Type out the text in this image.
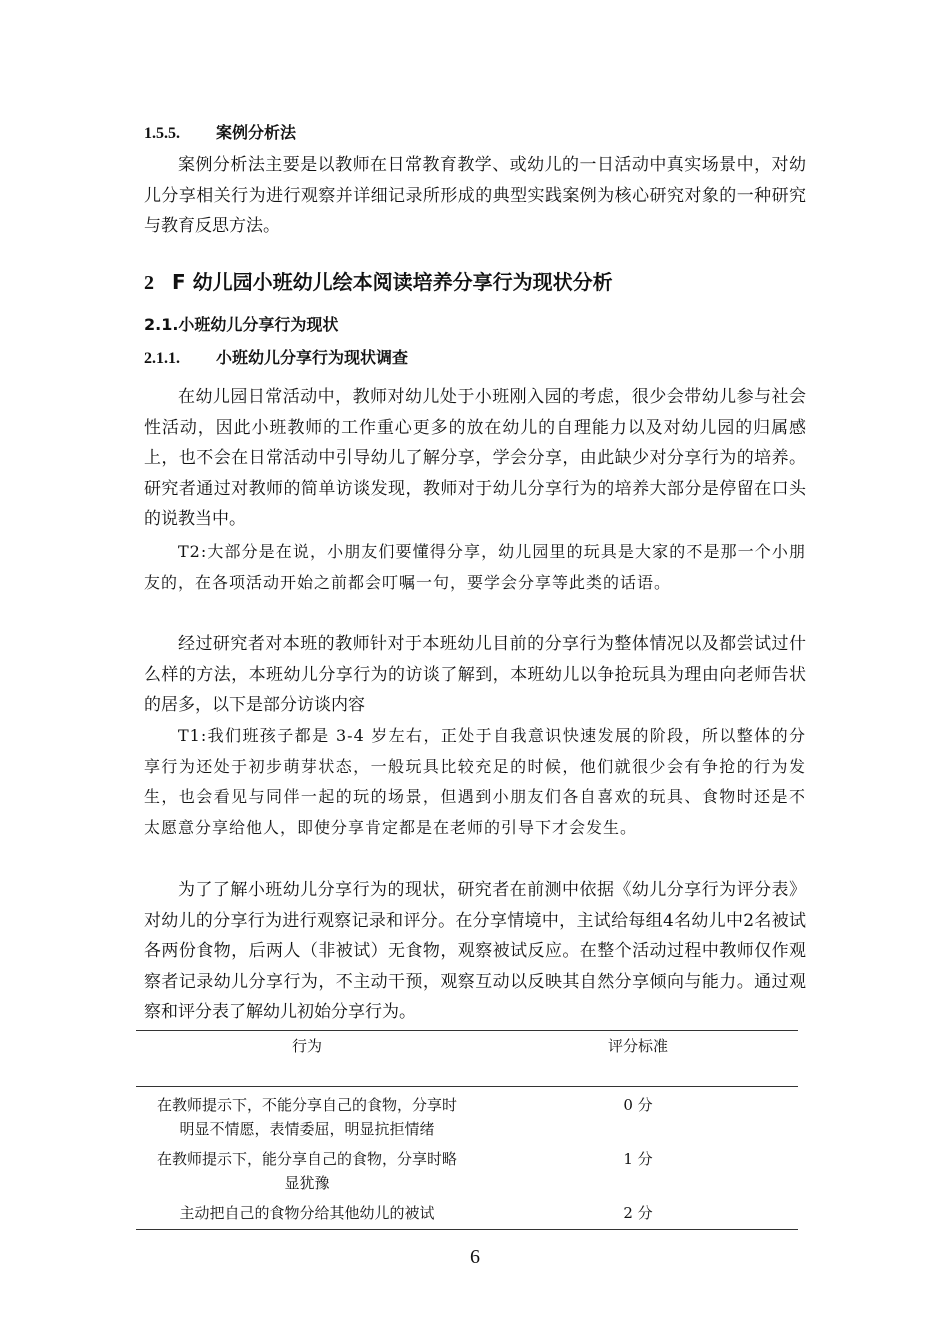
1.5.5. 案例分析法
案例分析法主要是以教师在日常教育教学、或幼儿的一日活动中真实场景中，对幼儿分享相关行为进行观察并详细记录所形成的典型实践案例为核心研究对象的一种研究与教育反思方法。
2 F 幼儿园小班幼儿绘本阅读培养分享行为现状分析
2.1.小班幼儿分享行为现状
2.1.1. 小班幼儿分享行为现状调查
在幼儿园日常活动中，教师对幼儿处于小班刚入园的考虑，很少会带幼儿参与社会性活动，因此小班教师的工作重心更多的放在幼儿的自理能力以及对幼儿园的归属感上，也不会在日常活动中引导幼儿了解分享，学会分享，由此缺少对分享行为的培养。研究者通过对教师的简单访谈发现，教师对于幼儿分享行为的培养大部分是停留在口头的说教当中。
T2:大部分是在说，小朋友们要懂得分享，幼儿园里的玩具是大家的不是那一个小朋友的，在各项活动开始之前都会叮嘱一句，要学会分享等此类的话语。
经过研究者对本班的教师针对于本班幼儿目前的分享行为整体情况以及都尝试过什么样的方法，本班幼儿分享行为的访谈了解到，本班幼儿以争抢玩具为理由向老师告状的居多，以下是部分访谈内容
T1:我们班孩子都是 3-4 岁左右，正处于自我意识快速发展的阶段，所以整体的分享行为还处于初步萌芽状态，一般玩具比较充足的时候，他们就很少会有争抢的行为发生，也会看见与同伴一起的玩的场景，但遇到小朋友们各自喜欢的玩具、食物时还是不太愿意分享给他人，即使分享肯定都是在老师的引导下才会发生。
为了了解小班幼儿分享行为的现状，研究者在前测中依据《幼儿分享行为评分表》对幼儿的分享行为进行观察记录和评分。在分享情境中，主试给每组4名幼儿中2名被试各两份食物，后两人（非被试）无食物，观察被试反应。在整个活动过程中教师仅作观察者记录幼儿分享行为，不主动干预，观察互动以反映其自然分享倾向与能力。通过观察和评分表了解幼儿初始分享行为。
行为	评分标准

在教师提示下，不能分享自己的食物，分享时明显不情愿，表情委屈，明显抗拒情绪	0 分

在教师提示下，能分享自己的食物，分享时略显犹豫	1 分

主动把自己的食物分给其他幼儿的被试	2 分
6
